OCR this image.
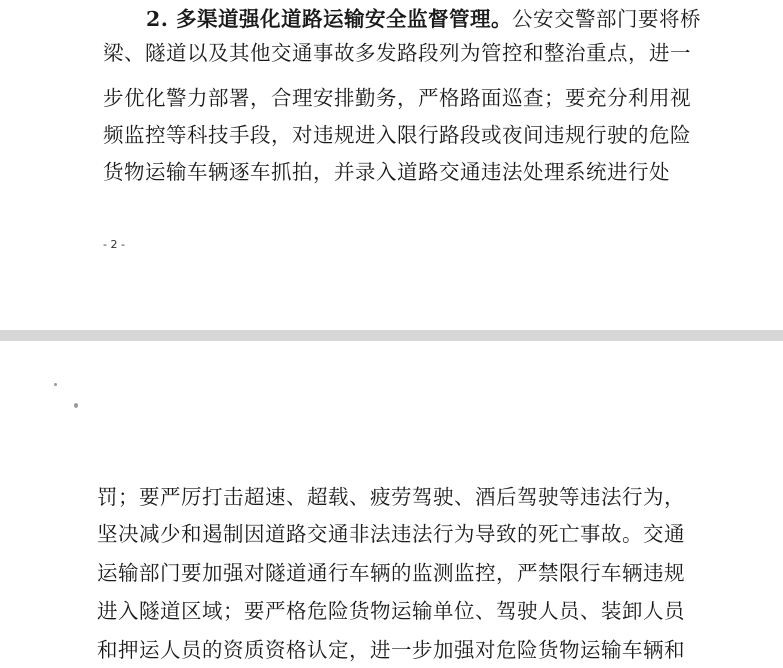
2. 多渠道强化道路运输安全监督管理。公安交警部门要将桥
梁、隧道以及其他交通事故多发路段列为管控和整治重点，进一
步优化警力部署，合理安排勤务，严格路面巡查；要充分利用视
频监控等科技手段，对违规进入限行路段或夜间违规行驶的危险
货物运输车辆逐车抓拍，并录入道路交通违法处理系统进行处
- 2 -
罚；要严厉打击超速、超载、疲劳驾驶、酒后驾驶等违法行为，
坚决减少和遏制因道路交通非法违法行为导致的死亡事故。交通
运输部门要加强对隧道通行车辆的监测监控，严禁限行车辆违规
进入隧道区域；要严格危险货物运输单位、驾驶人员、装卸人员
和押运人员的资质资格认定，进一步加强对危险货物运输车辆和
